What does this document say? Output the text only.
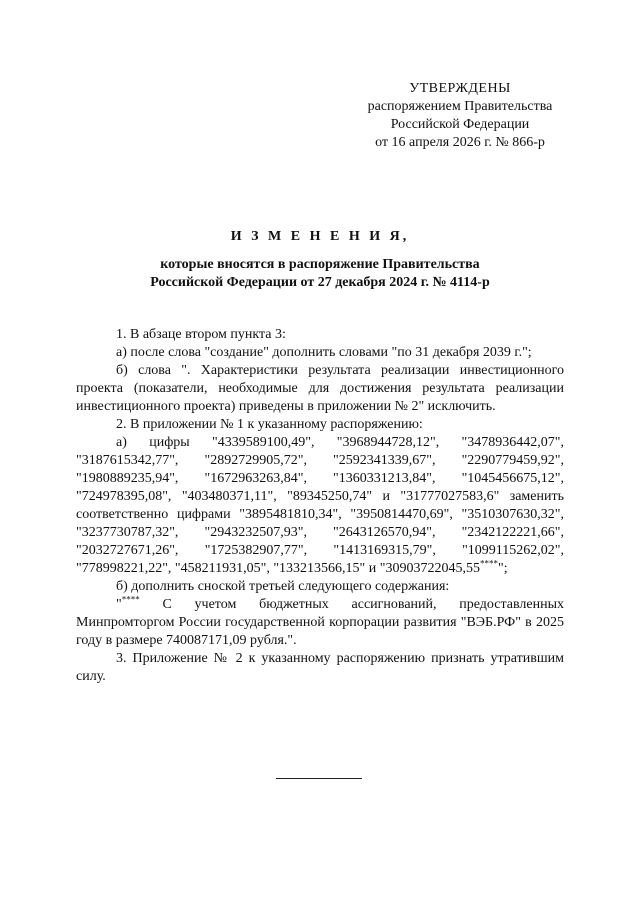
УТВЕРЖДЕНЫ
распоряжением Правительства
Российской Федерации
от 16 апреля 2026 г. № 866-р
И З М Е Н Е Н И Я,
которые вносятся в распоряжение Правительства
Российской Федерации от 27 декабря 2024 г. № 4114-р

1. В абзаце втором пункта 3:

а) после слова "создание" дополнить словами "по 31 декабря 2039 г.";

б) слова ". Характеристики результата реализации инвестиционного проекта (показатели, необходимые для достижения результата реализации инвестиционного проекта) приведены в приложении № 2" исключить.

2. В приложении № 1 к указанному распоряжению:

а) цифры "4339589100,49", "3968944728,12", "3478936442,07", "3187615342,77", "2892729905,72", "2592341339,67", "2290779459,92", "1980889235,94", "1672963263,84", "1360331213,84", "1045456675,12", "724978395,08", "403480371,11", "89345250,74" и "31777027583,6" заменить соответственно цифрами "3895481810,34", "3950814470,69", "3510307630,32", "3237730787,32", "2943232507,93", "2643126570,94", "2342122221,66", "2032727671,26", "1725382907,77", "1413169315,79", "1099115262,02", "778998221,22", "458211931,05", "133213566,15" и "30903722045,55****";

б) дополнить сноской третьей следующего содержания:

"**** С учетом бюджетных ассигнований, предоставленных Минпромторгом России государственной корпорации развития "ВЭБ.РФ" в 2025 году в размере 740087171,09 рубля.".

3. Приложение № 2 к указанному распоряжению признать утратившим силу.
